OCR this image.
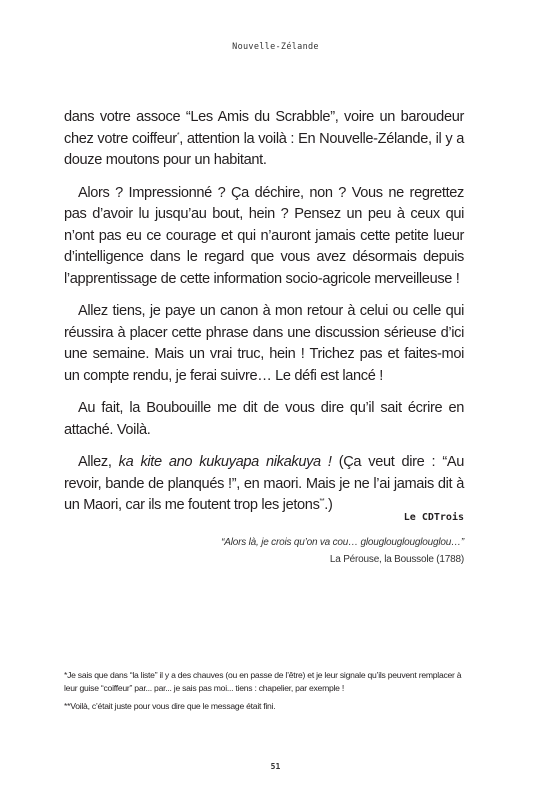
Nouvelle-Zélande

dans votre assoce “Les Amis du Scrabble”, voire un baroudeur chez votre coiffeur*, attention la voilà : En Nouvelle-Zélande, il y a douze moutons pour un habitant.

Alors ? Impressionné ? Ça déchire, non ? Vous ne regrettez pas d’avoir lu jusqu’au bout, hein ? Pensez un peu à ceux qui n’ont pas eu ce courage et qui n’auront jamais cette petite lueur d’intelligence dans le regard que vous avez désormais depuis l’apprentissage de cette information socio-agricole merveilleuse !

Allez tiens, je paye un canon à mon retour à celui ou celle qui réussira à placer cette phrase dans une discussion sérieuse d’ici une semaine. Mais un vrai truc, hein ! Trichez pas et faites-moi un compte rendu, je ferai suivre… Le défi est lancé !

Au fait, la Boubouille me dit de vous dire qu’il sait écrire en attaché. Voilà.

Allez, ka kite ano kukuyapa nikakuya ! (Ça veut dire : “Au revoir, bande de planqués !”, en maori. Mais je ne l’ai jamais dit à un Maori, car ils me foutent trop les jetons**.)

Le CDTrois
“Alors là, je crois qu’on va cou… glouglouglouglouglou…”
La Pérouse, la Boussole (1788)

*Je sais que dans “la liste” il y a des chauves (ou en passe de l’être) et je leur signale qu’ils peuvent remplacer à leur guise “coiffeur” par... par... je sais pas moi... tiens : chapelier, par exemple !

**Voilà, c’était juste pour vous dire que le message était fini.

51
